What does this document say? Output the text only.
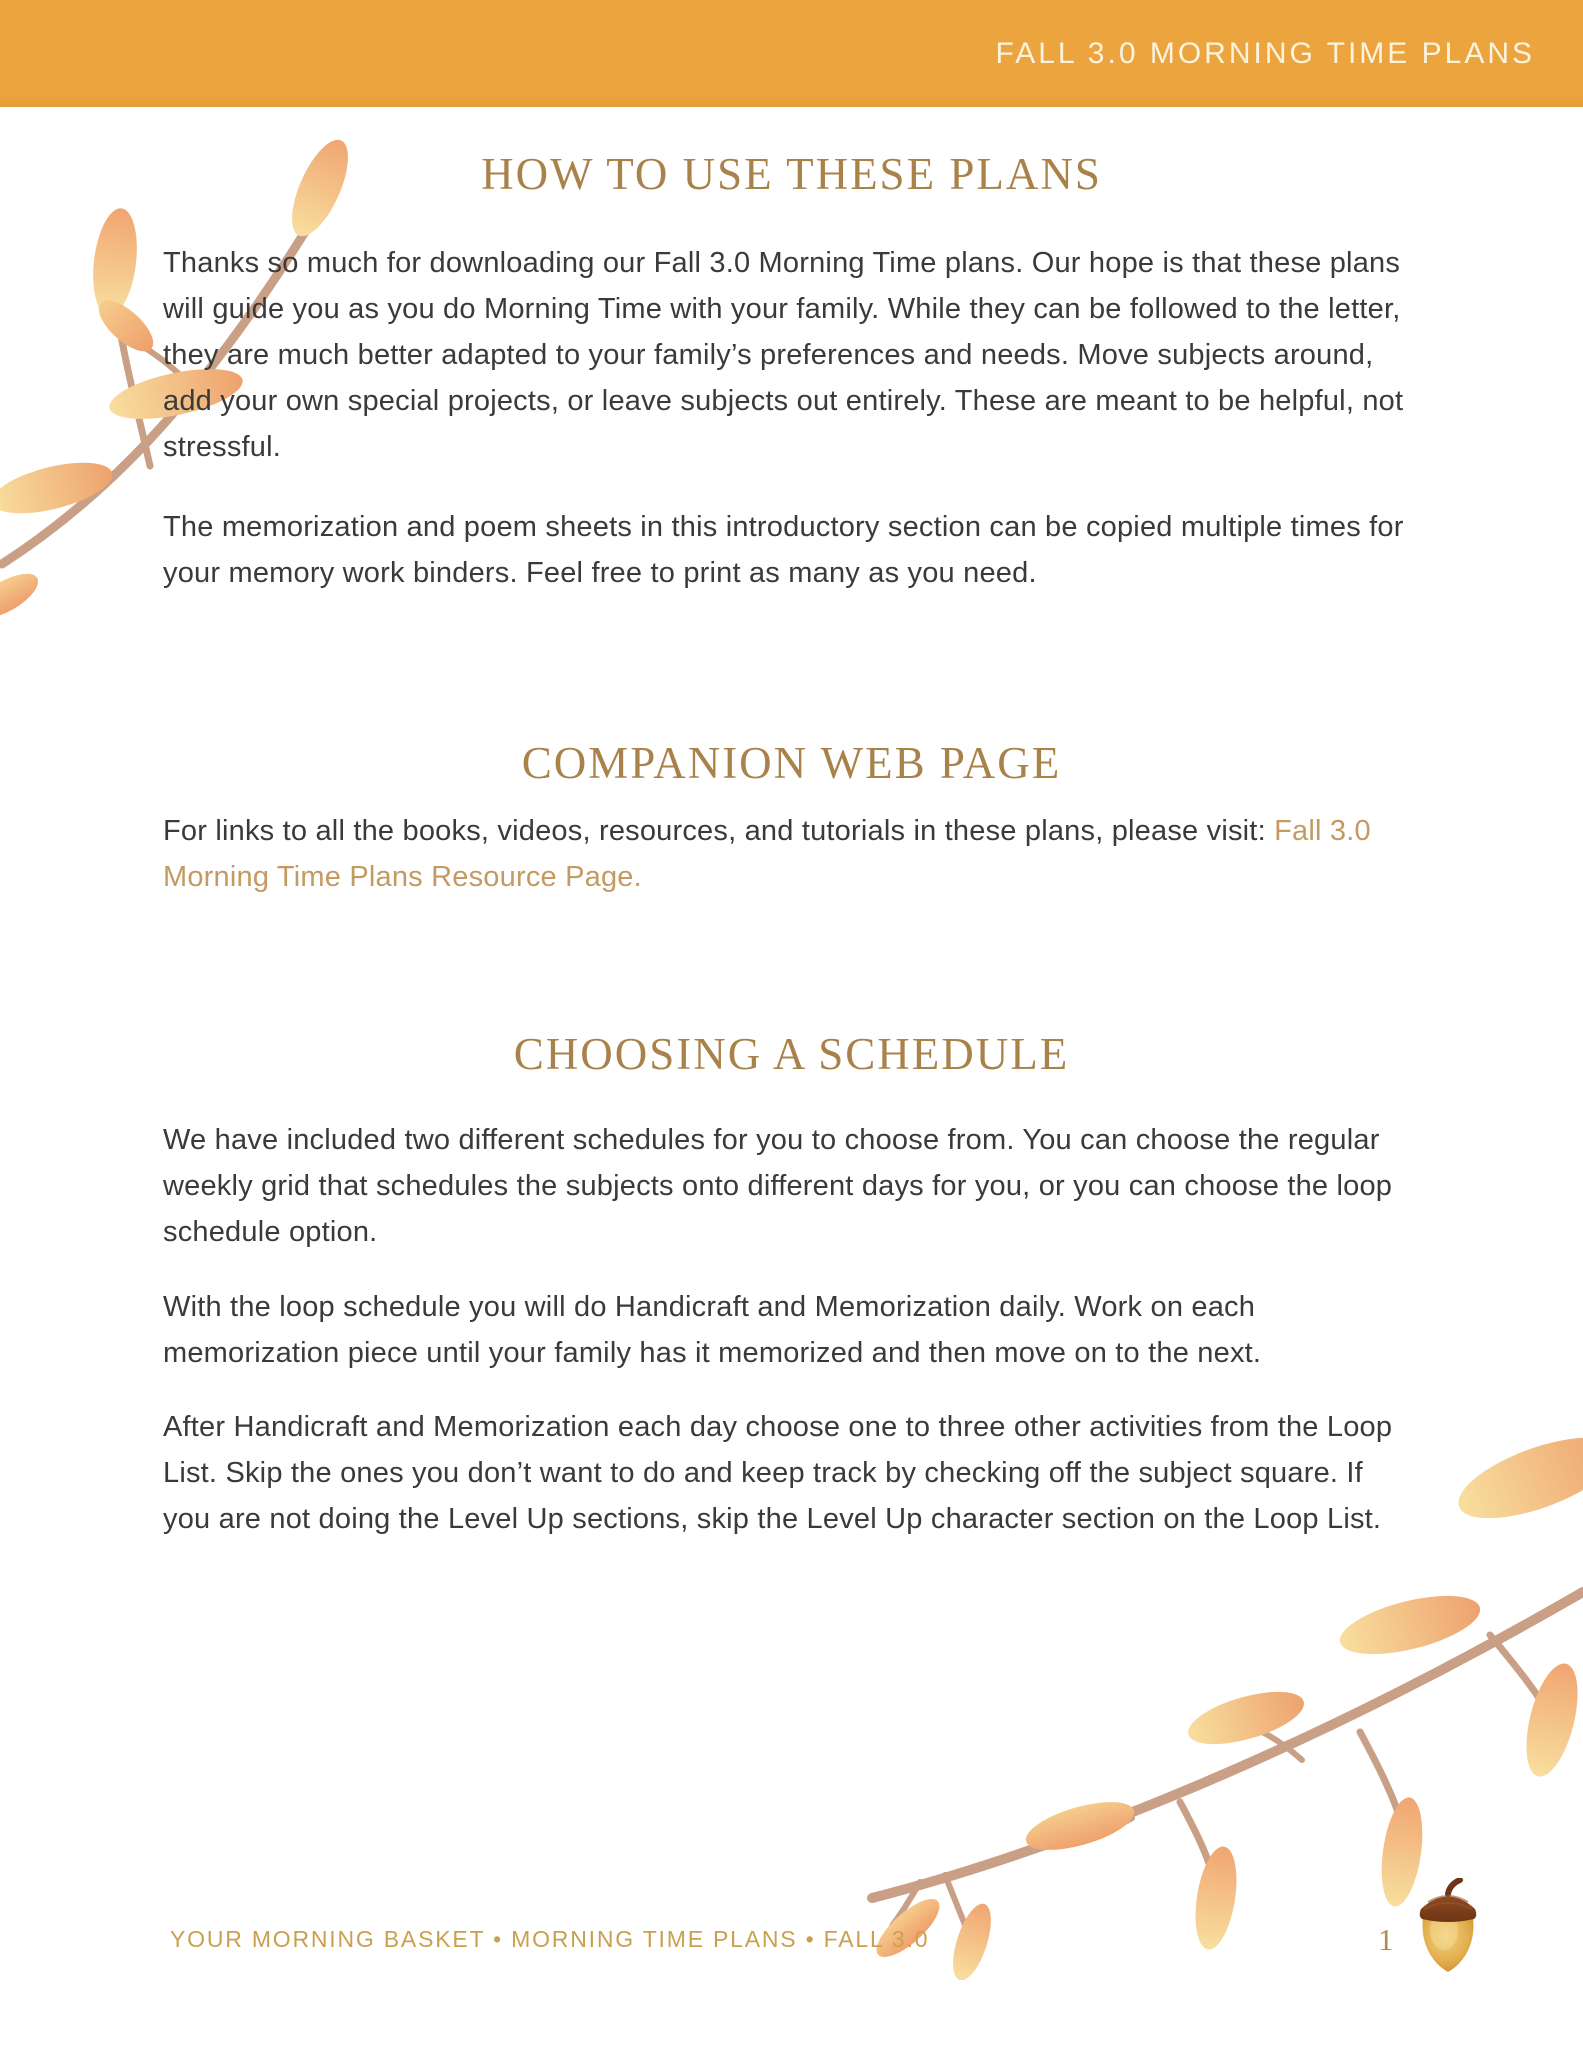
FALL 3.0 MORNING TIME PLANS
HOW TO USE THESE PLANS

Thanks so much for downloading our Fall 3.0 Morning Time plans. Our hope is that these plans will guide you as you do Morning Time with your family. While they can be followed to the letter, they are much better adapted to your family’s preferences and needs. Move subjects around, add your own special projects, or leave subjects out entirely. These are meant to be helpful, not stressful.

The memorization and poem sheets in this introductory section can be copied multiple times for your memory work binders. Feel free to print as many as you need.

COMPANION WEB PAGE

For links to all the books, videos, resources, and tutorials in these plans, please visit: Fall 3.0 Morning Time Plans Resource Page.

CHOOSING A SCHEDULE

We have included two different schedules for you to choose from. You can choose the regular weekly grid that schedules the subjects onto different days for you, or you can choose the loop schedule option.

With the loop schedule you will do Handicraft and Memorization daily. Work on each memorization piece until your family has it memorized and then move on to the next.

After Handicraft and Memorization each day choose one to three other activities from the Loop List. Skip the ones you don’t want to do and keep track by checking off the subject square. If you are not doing the Level Up sections, skip the Level Up character section on the Loop List.

YOUR MORNING BASKET • MORNING TIME PLANS • FALL 3.0	1
